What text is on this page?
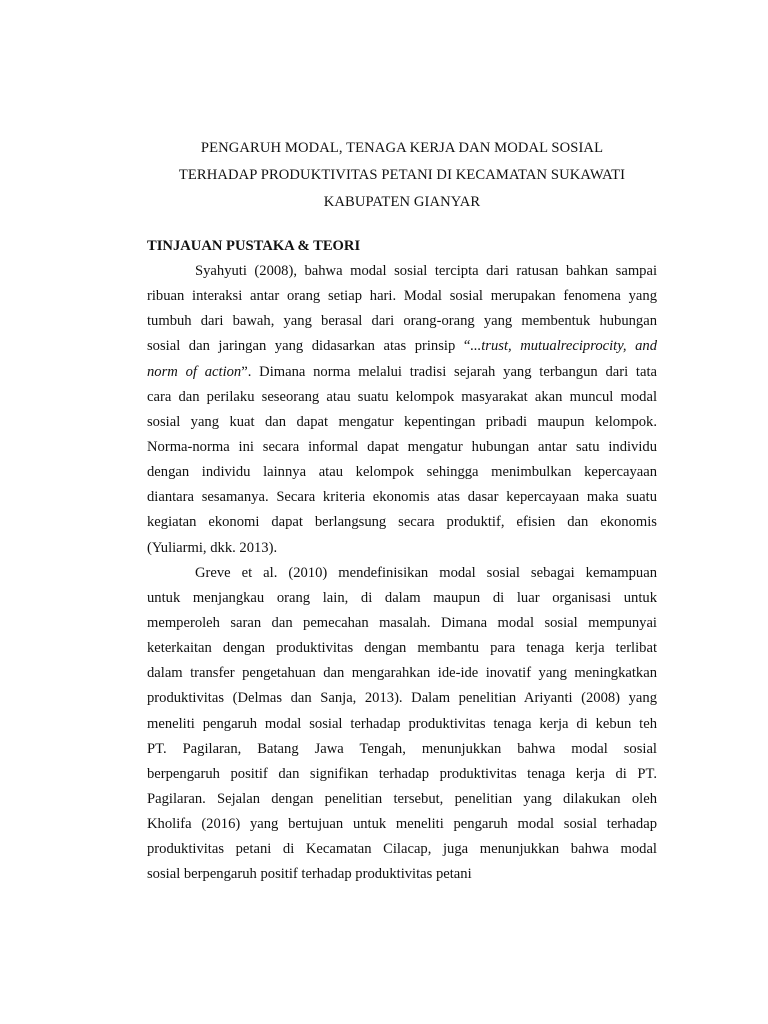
PENGARUH MODAL, TENAGA KERJA DAN MODAL SOSIAL
TERHADAP PRODUKTIVITAS PETANI DI KECAMATAN SUKAWATI
KABUPATEN GIANYAR
TINJAUAN PUSTAKA & TEORI
Syahyuti (2008), bahwa modal sosial tercipta dari ratusan bahkan sampai
ribuan interaksi antar orang setiap hari. Modal sosial merupakan fenomena yang
tumbuh dari bawah, yang berasal dari orang-orang yang membentuk hubungan
sosial dan jaringan yang didasarkan atas prinsip “...trust, mutualreciprocity, and
norm of action”. Dimana norma melalui tradisi sejarah yang terbangun dari tata
cara dan perilaku seseorang atau suatu kelompok masyarakat akan muncul modal
sosial yang kuat dan dapat mengatur kepentingan pribadi maupun kelompok.
Norma-norma ini secara informal dapat mengatur hubungan antar satu individu
dengan individu lainnya atau kelompok sehingga menimbulkan kepercayaan
diantara sesamanya. Secara kriteria ekonomis atas dasar kepercayaan maka suatu
kegiatan ekonomi dapat berlangsung secara produktif, efisien dan ekonomis
(Yuliarmi, dkk. 2013).
Greve et al. (2010) mendefinisikan modal sosial sebagai kemampuan
untuk menjangkau orang lain, di dalam maupun di luar organisasi untuk
memperoleh saran dan pemecahan masalah. Dimana modal sosial mempunyai
keterkaitan dengan produktivitas dengan membantu para tenaga kerja terlibat
dalam transfer pengetahuan dan mengarahkan ide-ide inovatif yang meningkatkan
produktivitas (Delmas dan Sanja, 2013). Dalam penelitian Ariyanti (2008) yang
meneliti pengaruh modal sosial terhadap produktivitas tenaga kerja di kebun teh
PT. Pagilaran, Batang Jawa Tengah, menunjukkan bahwa modal sosial
berpengaruh positif dan signifikan terhadap produktivitas tenaga kerja di PT.
Pagilaran. Sejalan dengan penelitian tersebut, penelitian yang dilakukan oleh
Kholifa (2016) yang bertujuan untuk meneliti pengaruh modal sosial terhadap
produktivitas petani di Kecamatan Cilacap, juga menunjukkan bahwa modal
sosial berpengaruh positif terhadap produktivitas petani
